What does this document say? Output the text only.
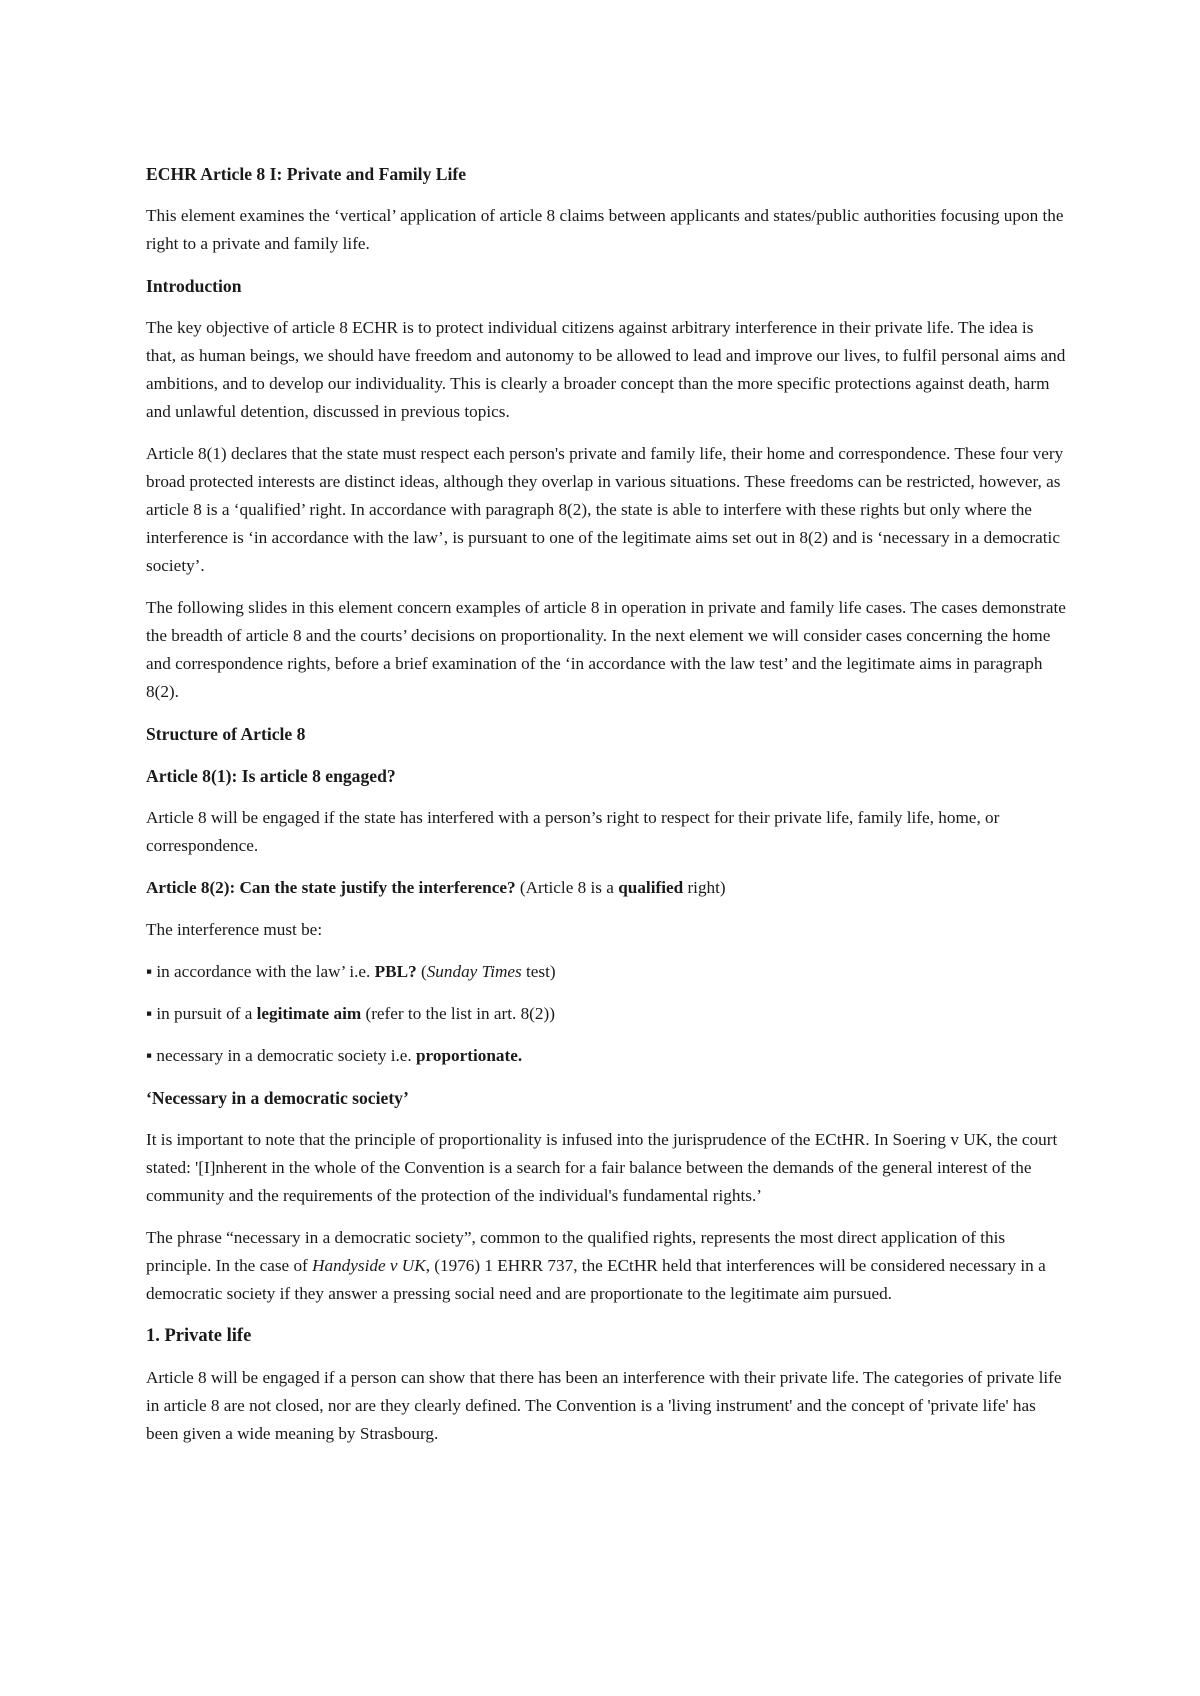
ECHR Article 8 I: Private and Family Life

This element examines the ‘vertical’ application of article 8 claims between applicants and states/public authorities focusing upon the right to a private and family life.

Introduction

The key objective of article 8 ECHR is to protect individual citizens against arbitrary interference in their private life. The idea is that, as human beings, we should have freedom and autonomy to be allowed to lead and improve our lives, to fulfil personal aims and ambitions, and to develop our individuality. This is clearly a broader concept than the more specific protections against death, harm and unlawful detention, discussed in previous topics.

Article 8(1) declares that the state must respect each person's private and family life, their home and correspondence. These four very broad protected interests are distinct ideas, although they overlap in various situations. These freedoms can be restricted, however, as article 8 is a ‘qualified’ right. In accordance with paragraph 8(2), the state is able to interfere with these rights but only where the interference is ‘in accordance with the law’, is pursuant to one of the legitimate aims set out in 8(2) and is ‘necessary in a democratic society’.

The following slides in this element concern examples of article 8 in operation in private and family life cases. The cases demonstrate the breadth of article 8 and the courts’ decisions on proportionality. In the next element we will consider cases concerning the home and correspondence rights, before a brief examination of the ‘in accordance with the law test’ and the legitimate aims in paragraph 8(2).

Structure of Article 8
Article 8(1): Is article 8 engaged?

Article 8 will be engaged if the state has interfered with a person’s right to respect for their private life, family life, home, or correspondence.

Article 8(2): Can the state justify the interference? (Article 8 is a qualified right)

The interference must be:

▪ in accordance with the law’ i.e. PBL? (Sunday Times test)

▪ in pursuit of a legitimate aim (refer to the list in art. 8(2))

▪ necessary in a democratic society i.e. proportionate.

‘Necessary in a democratic society’

It is important to note that the principle of proportionality is infused into the jurisprudence of the ECtHR. In Soering v UK, the court stated: '[I]nherent in the whole of the Convention is a search for a fair balance between the demands of the general interest of the community and the requirements of the protection of the individual's fundamental rights.’

The phrase “necessary in a democratic society”, common to the qualified rights, represents the most direct application of this principle. In the case of Handyside v UK, (1976) 1 EHRR 737, the ECtHR held that interferences will be considered necessary in a democratic society if they answer a pressing social need and are proportionate to the legitimate aim pursued.

1. Private life

Article 8 will be engaged if a person can show that there has been an interference with their private life. The categories of private life in article 8 are not closed, nor are they clearly defined. The Convention is a 'living instrument' and the concept of 'private life' has been given a wide meaning by Strasbourg.
